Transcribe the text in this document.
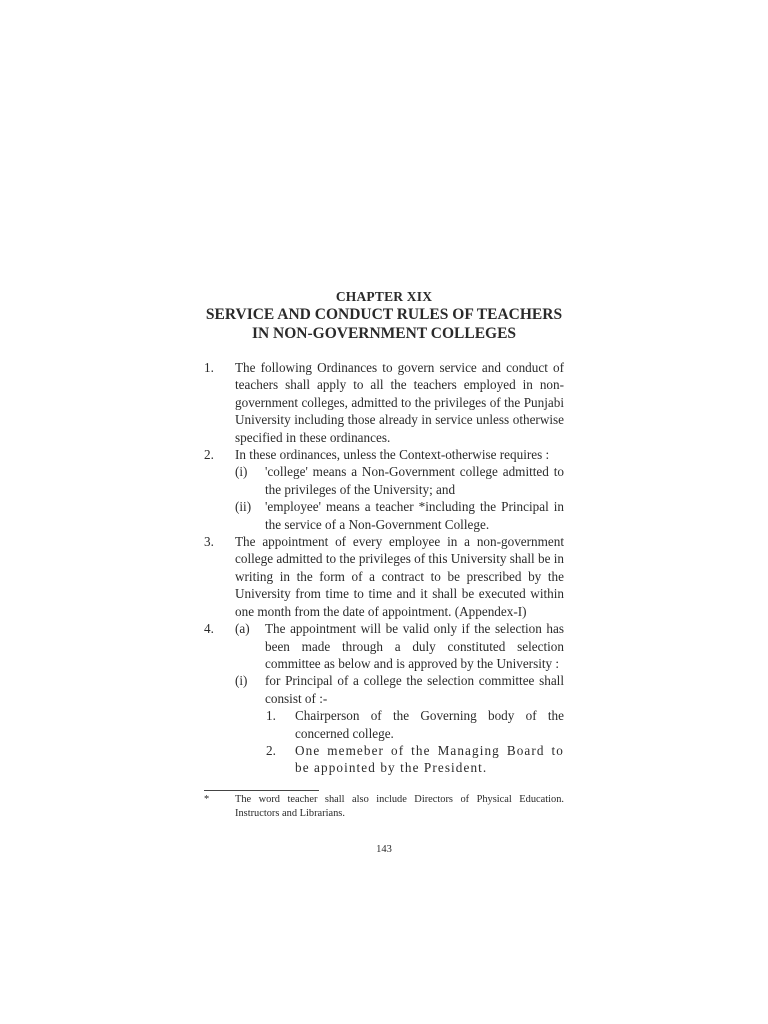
CHAPTER XIX
SERVICE AND CONDUCT RULES OF TEACHERS
IN NON-GOVERNMENT COLLEGES
1. The following Ordinances to govern service and conduct of teachers shall apply to all the teachers employed in non-government colleges, admitted to the privileges of the Punjabi University including those already in service unless otherwise specified in these ordinances.
2. In these ordinances, unless the Context-otherwise requires :
(i) 'college' means a Non-Government college admitted to the privileges of the University; and
(ii) 'employee' means a teacher *including the Principal in the service of a Non-Government College.
3. The appointment of every employee in a non-government college admitted to the privileges of this University shall be in writing in the form of a contract to be prescribed by the University from time to time and it shall be executed within one month from the date of appointment. (Appendex-I)
4. (a) The appointment will be valid only if the selection has been made through a duly constituted selection committee as below and is approved by the University :
(i) for Principal of a college the selection committee shall consist of :-
1. Chairperson of the Governing body of the concerned college.
2. One memeber of the Managing Board to be appointed by the President.
*	The word teacher shall also include Directors of Physical Education. Instructors and Librarians.
143
